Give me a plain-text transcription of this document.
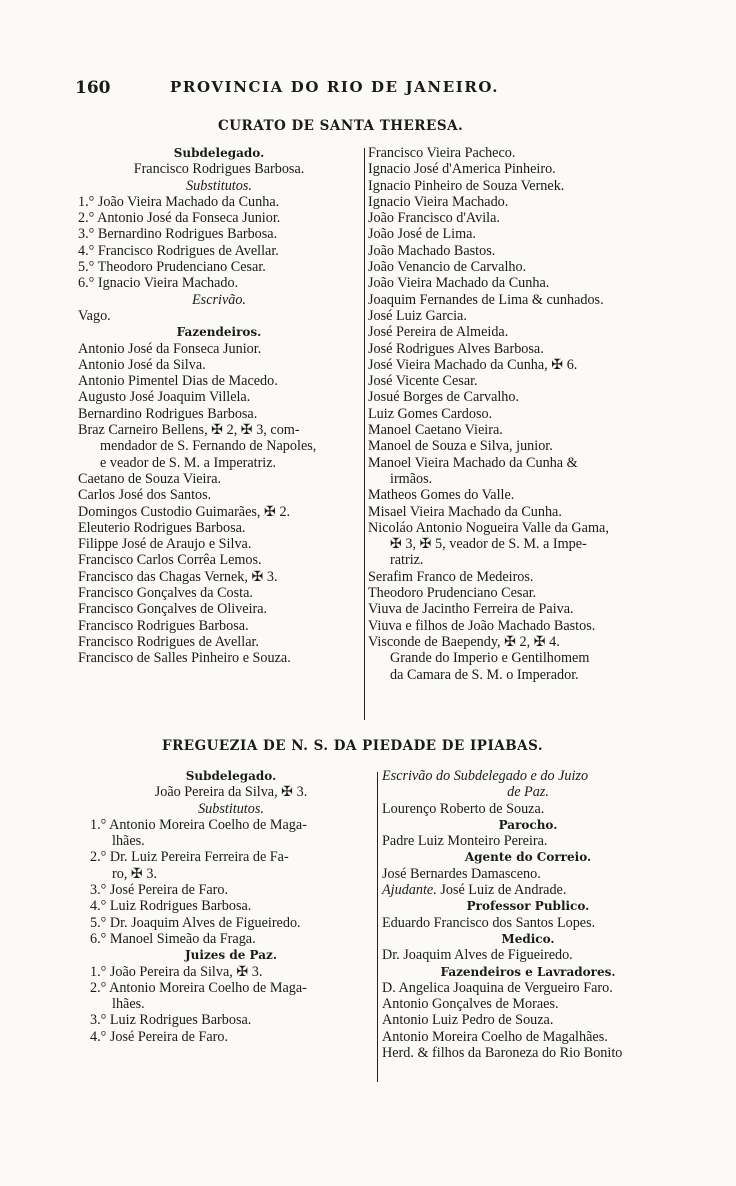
160	PROVINCIA DO RIO DE JANEIRO.
CURATO DE SANTA THERESA.
Subdelegado.
Francisco Rodrigues Barbosa.
Substitutos.
1.° João Vieira Machado da Cunha.
2.° Antonio José da Fonseca Junior.
3.° Bernardino Rodrigues Barbosa.
4.° Francisco Rodrigues de Avellar.
5.° Theodoro Prudenciano Cesar.
6.° Ignacio Vieira Machado.
Escrivão.
Vago.
Fazendeiros.
Antonio José da Fonseca Junior.
Antonio José da Silva.
Antonio Pimentel Dias de Macedo.
Augusto José Joaquim Villela.
Bernardino Rodrigues Barbosa.
Braz Carneiro Bellens, ✠ 2, ✠ 3, com-
mendador de S. Fernando de Napoles,
e veador de S. M. a Imperatriz.
Caetano de Souza Vieira.
Carlos José dos Santos.
Domingos Custodio Guimarães, ✠ 2.
Eleuterio Rodrigues Barbosa.
Filippe José de Araujo e Silva.
Francisco Carlos Corrêa Lemos.
Francisco das Chagas Vernek, ✠ 3.
Francisco Gonçalves da Costa.
Francisco Gonçalves de Oliveira.
Francisco Rodrigues Barbosa.
Francisco Rodrigues de Avellar.
Francisco de Salles Pinheiro e Souza.
Francisco Vieira Pacheco.
Ignacio José d'America Pinheiro.
Ignacio Pinheiro de Souza Vernek.
Ignacio Vieira Machado.
João Francisco d'Avila.
João José de Lima.
João Machado Bastos.
João Venancio de Carvalho.
João Vieira Machado da Cunha.
Joaquim Fernandes de Lima & cunhados.
José Luiz Garcia.
José Pereira de Almeida.
José Rodrigues Alves Barbosa.
José Vieira Machado da Cunha, ✠ 6.
José Vicente Cesar.
Josué Borges de Carvalho.
Luiz Gomes Cardoso.
Manoel Caetano Vieira.
Manoel de Souza e Silva, junior.
Manoel Vieira Machado da Cunha &
irmãos.
Matheos Gomes do Valle.
Misael Vieira Machado da Cunha.
Nicoláo Antonio Nogueira Valle da Gama,
✠ 3, ✠ 5, veador de S. M. a Impe-
ratriz.
Serafim Franco de Medeiros.
Theodoro Prudenciano Cesar.
Viuva de Jacintho Ferreira de Paiva.
Viuva e filhos de João Machado Bastos.
Visconde de Baependy, ✠ 2, ✠ 4.
Grande do Imperio e Gentilhomem
da Camara de S. M. o Imperador.
FREGUEZIA DE N. S. DA PIEDADE DE IPIABAS.
Subdelegado.
João Pereira da Silva, ✠ 3.
Substitutos.
1.° Antonio Moreira Coelho de Maga-
lhães.
2.° Dr. Luiz Pereira Ferreira de Fa-
ro, ✠ 3.
3.° José Pereira de Faro.
4.° Luiz Rodrigues Barbosa.
5.° Dr. Joaquim Alves de Figueiredo.
6.° Manoel Simeão da Fraga.
Juizes de Paz.
1.° João Pereira da Silva, ✠ 3.
2.° Antonio Moreira Coelho de Maga-
lhães.
3.° Luiz Rodrigues Barbosa.
4.° José Pereira de Faro.
Escrivão do Subdelegado e do Juizo
de Paz.
Lourenço Roberto de Souza.
Parocho.
Padre Luiz Monteiro Pereira.
Agente do Correio.
José Bernardes Damasceno.
Ajudante. José Luiz de Andrade.
Professor Publico.
Eduardo Francisco dos Santos Lopes.
Medico.
Dr. Joaquim Alves de Figueiredo.
Fazendeiros e Lavradores.
D. Angelica Joaquina de Vergueiro Faro.
Antonio Gonçalves de Moraes.
Antonio Luiz Pedro de Souza.
Antonio Moreira Coelho de Magalhães.
Herd. & filhos da Baroneza do Rio Bonito
